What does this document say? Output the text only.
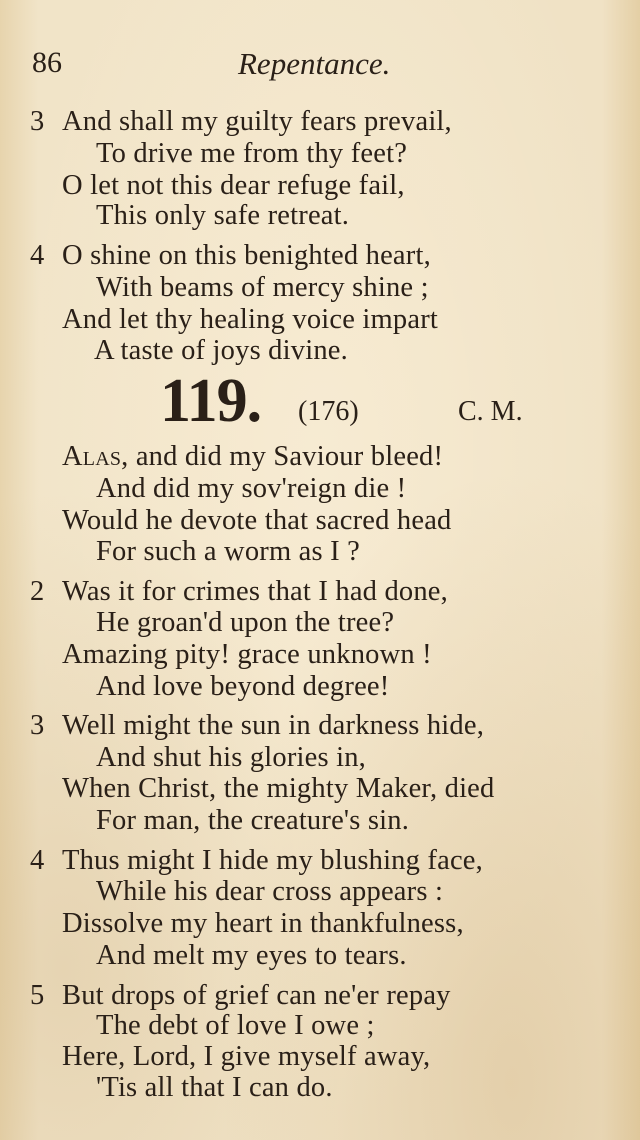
86	Repentance.
3 And shall my guilty fears prevail,
To drive me from thy feet?
O let not this dear refuge fail,
This only safe retreat.
4 O shine on this benighted heart,
With beams of mercy shine ;
And let thy healing voice impart
A taste of joys divine.
119. (176)	C. M.
Alas, and did my Saviour bleed!
And did my sov'reign die !
Would he devote that sacred head
For such a worm as I ?
2 Was it for crimes that I had done,
He groan'd upon the tree?
Amazing pity! grace unknown !
And love beyond degree!
3 Well might the sun in darkness hide,
And shut his glories in,
When Christ, the mighty Maker, died
For man, the creature's sin.
4 Thus might I hide my blushing face,
While his dear cross appears :
Dissolve my heart in thankfulness,
And melt my eyes to tears.
5 But drops of grief can ne'er repay
The debt of love I owe ;
Here, Lord, I give myself away,
'Tis all that I can do.
